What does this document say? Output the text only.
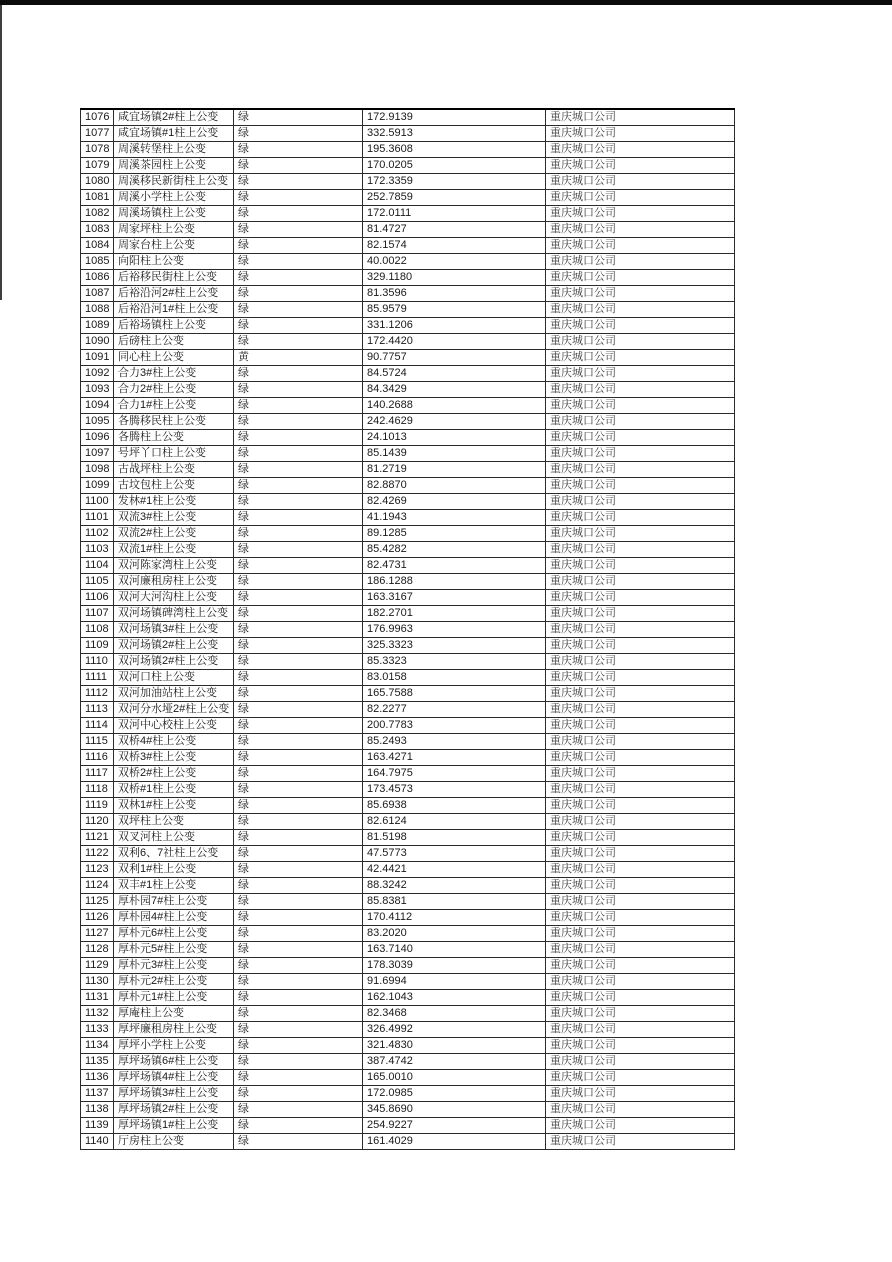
1076	咸宜场镇2#柱上公变	绿	172.9139	重庆城口公司
1077	咸宜场镇#1柱上公变	绿	332.5913	重庆城口公司
1078	周溪转堡柱上公变	绿	195.3608	重庆城口公司
1079	周溪茶园柱上公变	绿	170.0205	重庆城口公司
1080	周溪移民新街柱上公变	绿	172.3359	重庆城口公司
1081	周溪小学柱上公变	绿	252.7859	重庆城口公司
1082	周溪场镇柱上公变	绿	172.0111	重庆城口公司
1083	周家坪柱上公变	绿	81.4727	重庆城口公司
1084	周家台柱上公变	绿	82.1574	重庆城口公司
1085	向阳柱上公变	绿	40.0022	重庆城口公司
1086	后裕移民街柱上公变	绿	329.1180	重庆城口公司
1087	后裕沿河2#柱上公变	绿	81.3596	重庆城口公司
1088	后裕沿河1#柱上公变	绿	85.9579	重庆城口公司
1089	后裕场镇柱上公变	绿	331.1206	重庆城口公司
1090	后磅柱上公变	绿	172.4420	重庆城口公司
1091	同心柱上公变	黄	90.7757	重庆城口公司
1092	合力3#柱上公变	绿	84.5724	重庆城口公司
1093	合力2#柱上公变	绿	84.3429	重庆城口公司
1094	合力1#柱上公变	绿	140.2688	重庆城口公司
1095	各腾移民柱上公变	绿	242.4629	重庆城口公司
1096	各腾柱上公变	绿	24.1013	重庆城口公司
1097	号坪丫口柱上公变	绿	85.1439	重庆城口公司
1098	古战坪柱上公变	绿	81.2719	重庆城口公司
1099	古坟包柱上公变	绿	82.8870	重庆城口公司
1100	发林#1柱上公变	绿	82.4269	重庆城口公司
1101	双流3#柱上公变	绿	41.1943	重庆城口公司
1102	双流2#柱上公变	绿	89.1285	重庆城口公司
1103	双流1#柱上公变	绿	85.4282	重庆城口公司
1104	双河陈家湾柱上公变	绿	82.4731	重庆城口公司
1105	双河廉租房柱上公变	绿	186.1288	重庆城口公司
1106	双河大河沟柱上公变	绿	163.3167	重庆城口公司
1107	双河场镇碑湾柱上公变	绿	182.2701	重庆城口公司
1108	双河场镇3#柱上公变	绿	176.9963	重庆城口公司
1109	双河场镇2#柱上公变	绿	325.3323	重庆城口公司
1110	双河场镇2#柱上公变	绿	85.3323	重庆城口公司
1111	双河口柱上公变	绿	83.0158	重庆城口公司
1112	双河加油站柱上公变	绿	165.7588	重庆城口公司
1113	双河分水垭2#柱上公变	绿	82.2277	重庆城口公司
1114	双河中心校柱上公变	绿	200.7783	重庆城口公司
1115	双桥4#柱上公变	绿	85.2493	重庆城口公司
1116	双桥3#柱上公变	绿	163.4271	重庆城口公司
1117	双桥2#柱上公变	绿	164.7975	重庆城口公司
1118	双桥#1柱上公变	绿	173.4573	重庆城口公司
1119	双林1#柱上公变	绿	85.6938	重庆城口公司
1120	双坪柱上公变	绿	82.6124	重庆城口公司
1121	双叉河柱上公变	绿	81.5198	重庆城口公司
1122	双利6、7社柱上公变	绿	47.5773	重庆城口公司
1123	双利1#柱上公变	绿	42.4421	重庆城口公司
1124	双丰#1柱上公变	绿	88.3242	重庆城口公司
1125	厚朴园7#柱上公变	绿	85.8381	重庆城口公司
1126	厚朴园4#柱上公变	绿	170.4112	重庆城口公司
1127	厚朴元6#柱上公变	绿	83.2020	重庆城口公司
1128	厚朴元5#柱上公变	绿	163.7140	重庆城口公司
1129	厚朴元3#柱上公变	绿	178.3039	重庆城口公司
1130	厚朴元2#柱上公变	绿	91.6994	重庆城口公司
1131	厚朴元1#柱上公变	绿	162.1043	重庆城口公司
1132	厚庵柱上公变	绿	82.3468	重庆城口公司
1133	厚坪廉租房柱上公变	绿	326.4992	重庆城口公司
1134	厚坪小学柱上公变	绿	321.4830	重庆城口公司
1135	厚坪场镇6#柱上公变	绿	387.4742	重庆城口公司
1136	厚坪场镇4#柱上公变	绿	165.0010	重庆城口公司
1137	厚坪场镇3#柱上公变	绿	172.0985	重庆城口公司
1138	厚坪场镇2#柱上公变	绿	345.8690	重庆城口公司
1139	厚坪场镇1#柱上公变	绿	254.9227	重庆城口公司
1140	厅房柱上公变	绿	161.4029	重庆城口公司
